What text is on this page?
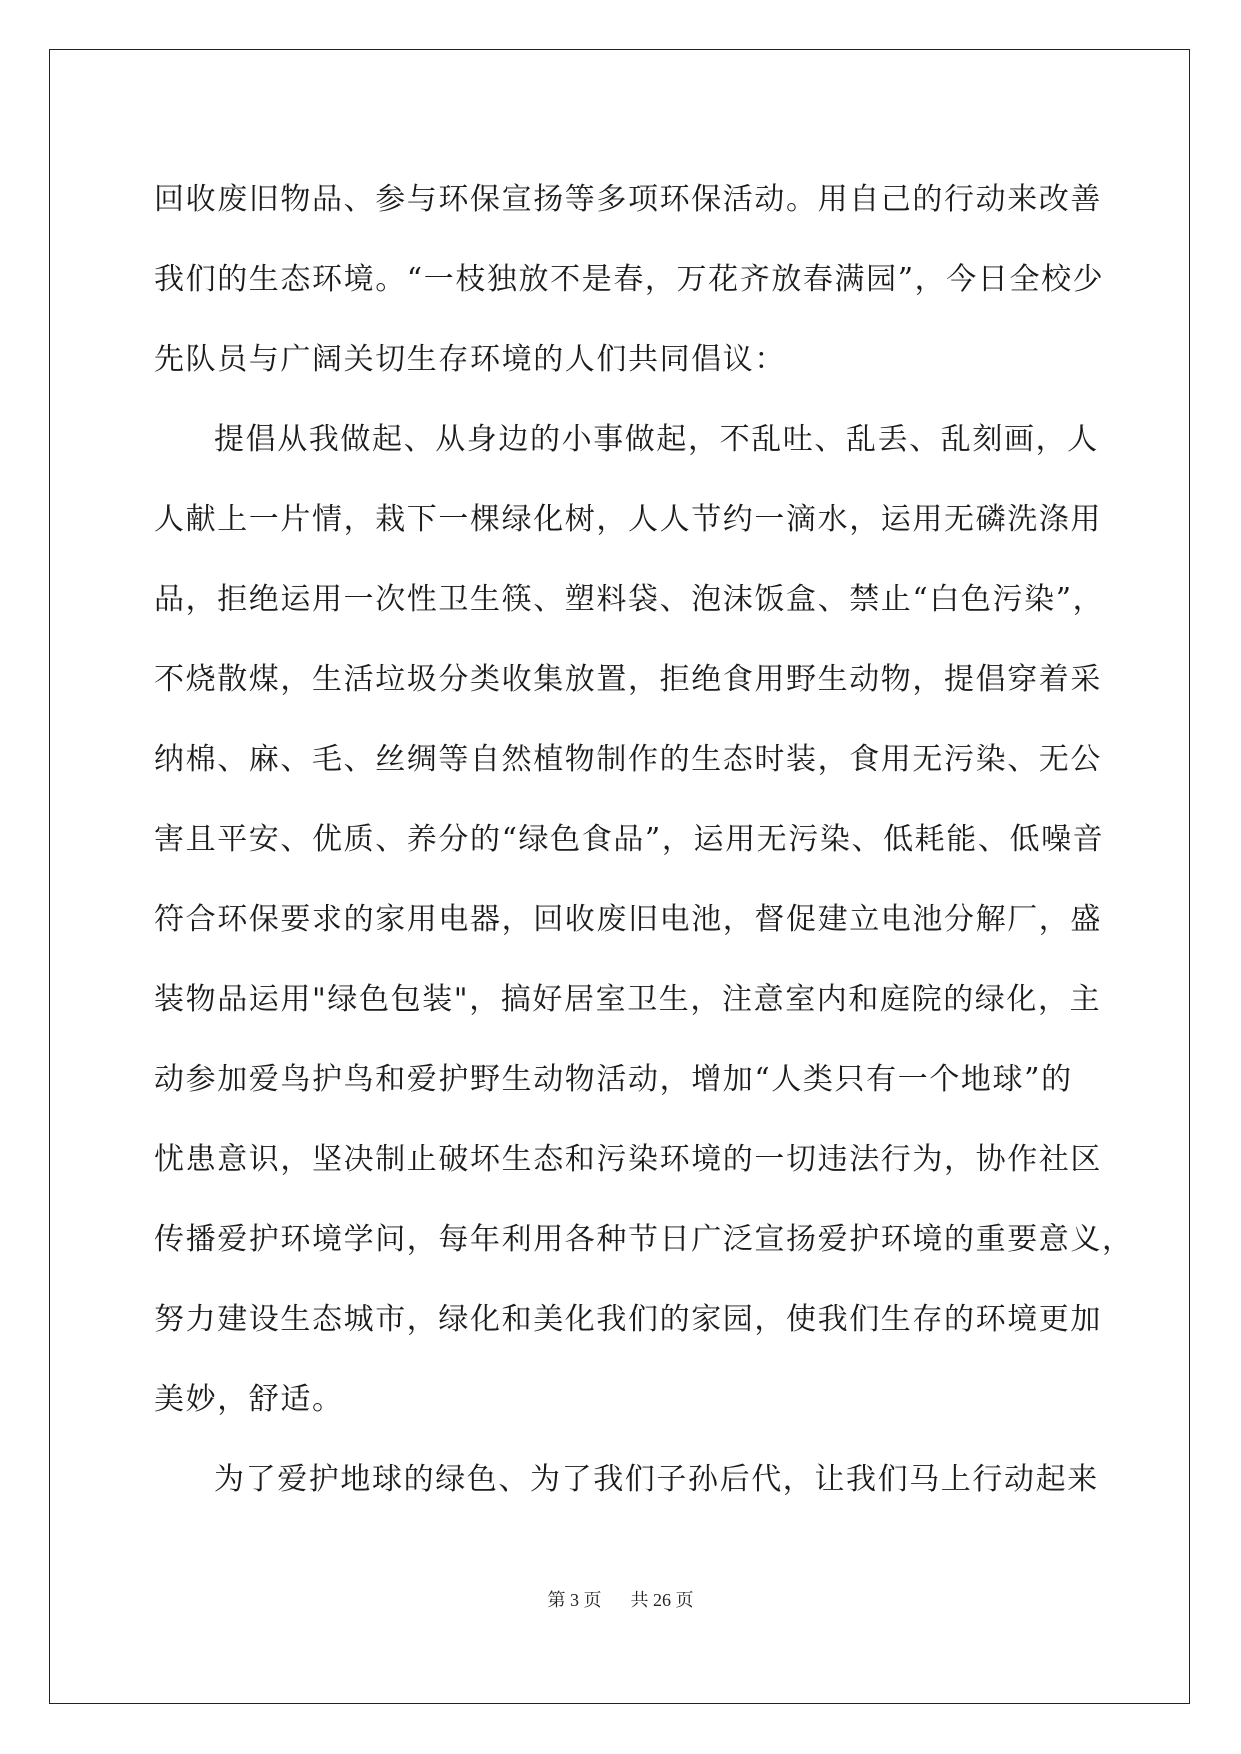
回收废旧物品、参与环保宣扬等多项环保活动。用自己的行动来改善
我们的生态环境。“一枝独放不是春，万花齐放春满园”，今日全校少
先队员与广阔关切生存环境的人们共同倡议：
提倡从我做起、从身边的小事做起，不乱吐、乱丢、乱刻画，人
人献上一片情，栽下一棵绿化树，人人节约一滴水，运用无磷洗涤用
品，拒绝运用一次性卫生筷、塑料袋、泡沫饭盒、禁止“白色污染”，
不烧散煤，生活垃圾分类收集放置，拒绝食用野生动物，提倡穿着采
纳棉、麻、毛、丝绸等自然植物制作的生态时装，食用无污染、无公
害且平安、优质、养分的“绿色食品”，运用无污染、低耗能、低噪音
符合环保要求的家用电器，回收废旧电池，督促建立电池分解厂，盛
装物品运用"绿色包装"，搞好居室卫生，注意室内和庭院的绿化，主
动参加爱鸟护鸟和爱护野生动物活动，增加“人类只有一个地球”的
忧患意识，坚决制止破坏生态和污染环境的一切违法行为，协作社区
传播爱护环境学问，每年利用各种节日广泛宣扬爱护环境的重要意义，
努力建设生态城市，绿化和美化我们的家园，使我们生存的环境更加
美妙，舒适。
为了爱护地球的绿色、为了我们子孙后代，让我们马上行动起来
第 3 页 共 26 页
